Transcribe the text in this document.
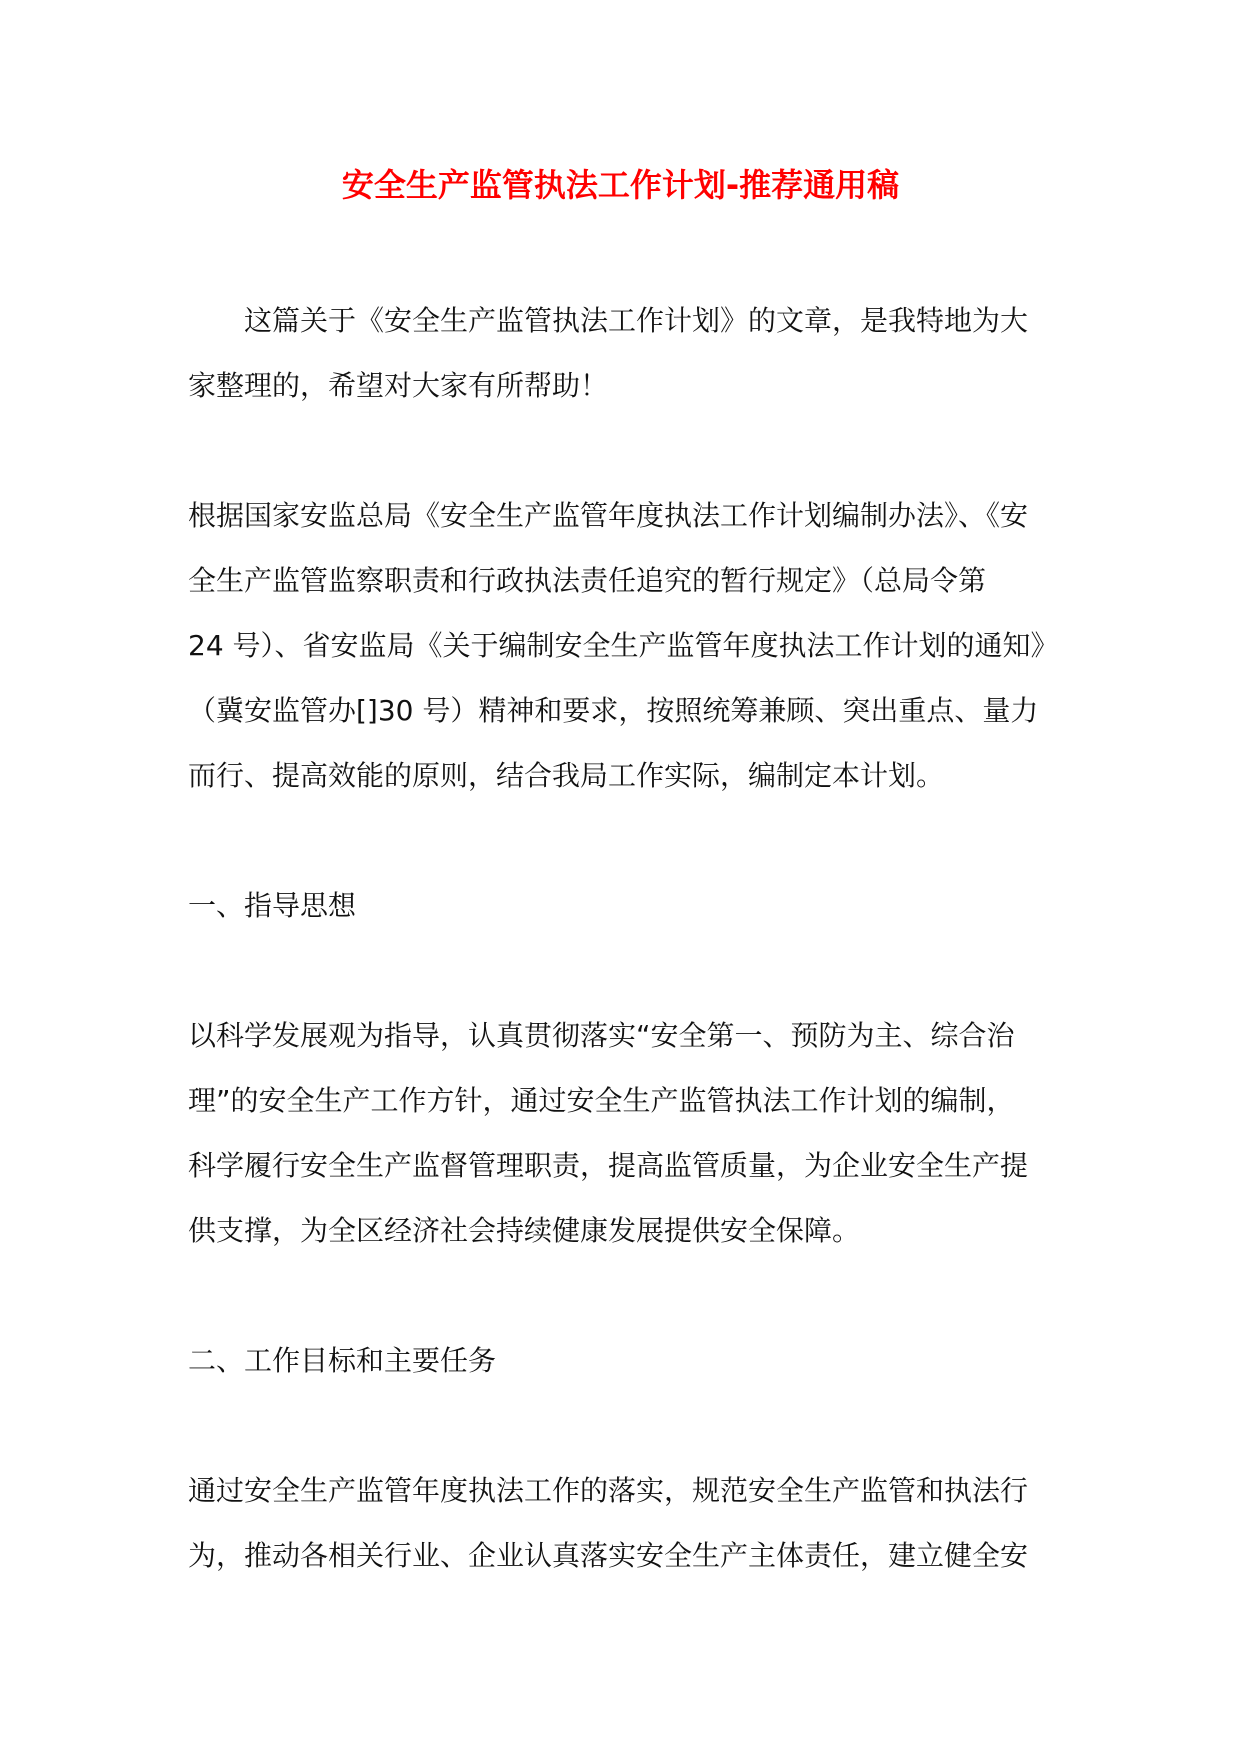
安全生产监管执法工作计划-推荐通用稿
这篇关于《安全生产监管执法工作计划》的文章，是我特地为大
家整理的，希望对大家有所帮助！
根据国家安监总局《安全生产监管年度执法工作计划编制办法》、《安
全生产监管监察职责和行政执法责任追究的暂行规定》（总局令第
24 号）、省安监局《关于编制安全生产监管年度执法工作计划的通知》
（冀安监管办[]30 号）精神和要求，按照统筹兼顾、突出重点、量力
而行、提高效能的原则，结合我局工作实际，编制定本计划。
一、指导思想
以科学发展观为指导，认真贯彻落实“安全第一、预防为主、综合治
理”的安全生产工作方针，通过安全生产监管执法工作计划的编制，
科学履行安全生产监督管理职责，提高监管质量，为企业安全生产提
供支撑，为全区经济社会持续健康发展提供安全保障。
二、工作目标和主要任务
通过安全生产监管年度执法工作的落实，规范安全生产监管和执法行
为，推动各相关行业、企业认真落实安全生产主体责任，建立健全安
